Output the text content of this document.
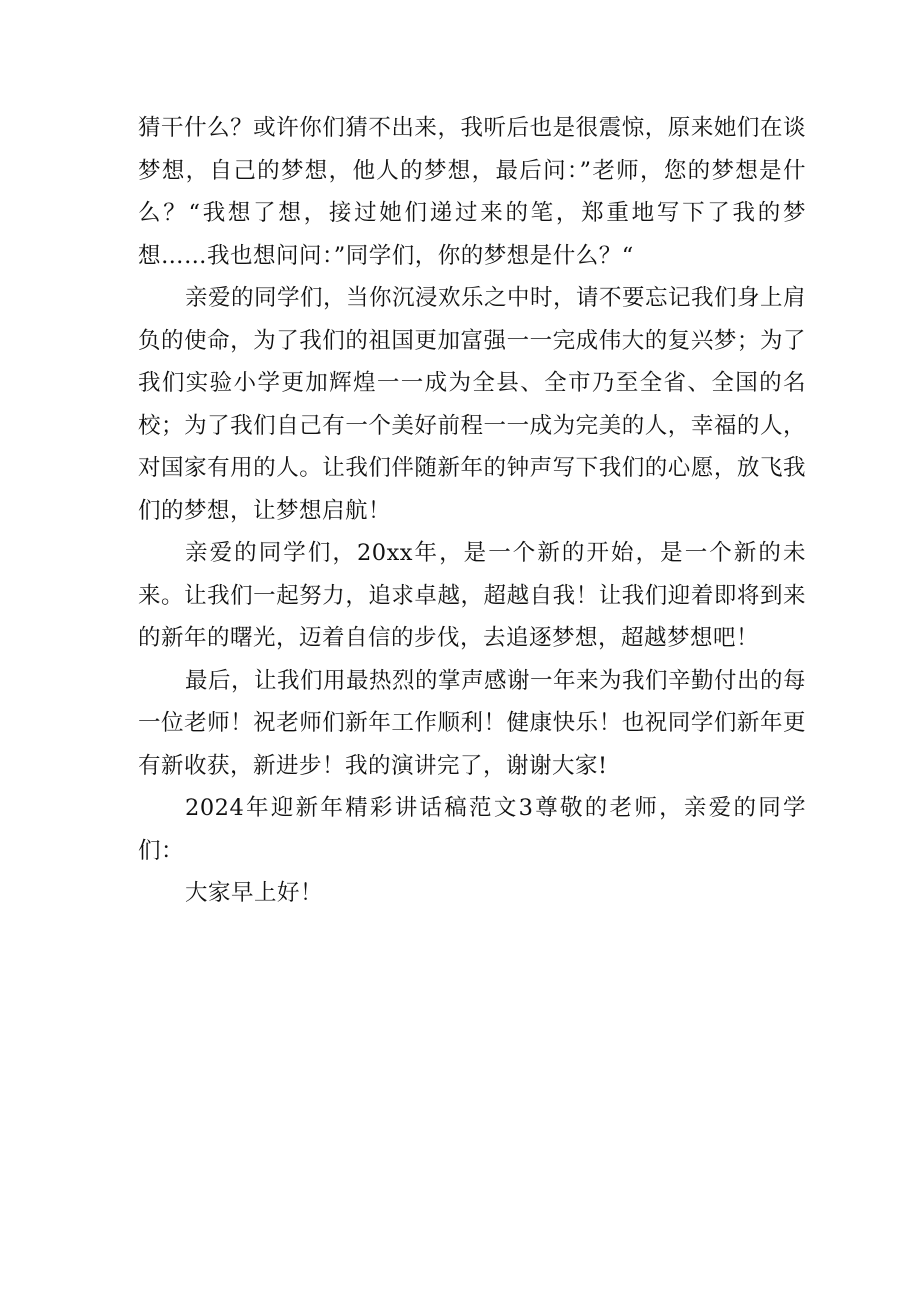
猜干什么？或许你们猜不出来，我听后也是很震惊，原来她们在谈梦想，自己的梦想，他人的梦想，最后问：”老师，您的梦想是什么？“我想了想，接过她们递过来的笔，郑重地写下了我的梦想……我也想问问：”同学们，你的梦想是什么？“

亲爱的同学们，当你沉浸欢乐之中时，请不要忘记我们身上肩负的使命，为了我们的祖国更加富强一一完成伟大的复兴梦；为了我们实验小学更加辉煌一一成为全县、全市乃至全省、全国的名校；为了我们自己有一个美好前程一一成为完美的人，幸福的人，对国家有用的人。让我们伴随新年的钟声写下我们的心愿，放飞我们的梦想，让梦想启航！

亲爱的同学们，20xx年，是一个新的开始，是一个新的未来。让我们一起努力，追求卓越，超越自我！让我们迎着即将到来的新年的曙光，迈着自信的步伐，去追逐梦想，超越梦想吧！

最后，让我们用最热烈的掌声感谢一年来为我们辛勤付出的每一位老师！祝老师们新年工作顺利！健康快乐！也祝同学们新年更有新收获，新进步！我的演讲完了，谢谢大家!

2024年迎新年精彩讲话稿范文3尊敬的老师，亲爱的同学们：

大家早上好！
